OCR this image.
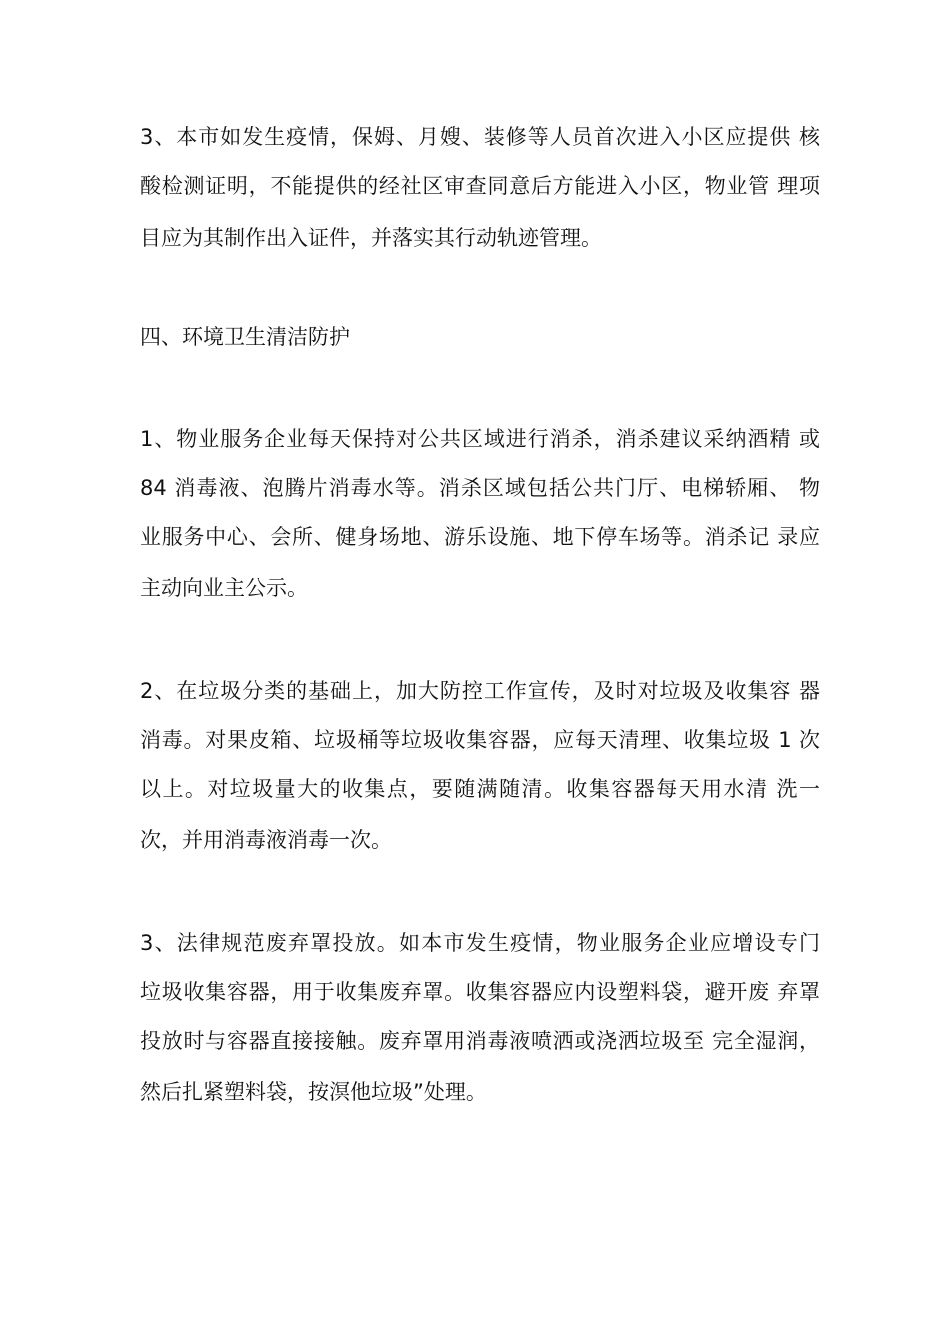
3、本市如发生疫情，保姆、月嫂、装修等人员首次进入小区应提供 核
酸检测证明，不能提供的经社区审查同意后方能进入小区，物业管 理项
目应为其制作出入证件，并落实其行动轨迹管理。
四、环境卫生清洁防护
1、物业服务企业每天保持对公共区域进行消杀，消杀建议采纳酒精 或
84 消毒液、泡腾片消毒水等。消杀区域包括公共门厅、电梯轿厢、 物
业服务中心、会所、健身场地、游乐设施、地下停车场等。消杀记 录应
主动向业主公示。
2、在垃圾分类的基础上，加大防控工作宣传，及时对垃圾及收集容 器
消毒。对果皮箱、垃圾桶等垃圾收集容器，应每天清理、收集垃圾 1 次
以上。对垃圾量大的收集点，要随满随清。收集容器每天用水清 洗一
次，并用消毒液消毒一次。
3、法律规范废弃罩投放。如本市发生疫情，物业服务企业应增设专门
垃圾收集容器，用于收集废弃罩。收集容器应内设塑料袋，避开废 弃罩
投放时与容器直接接触。废弃罩用消毒液喷洒或浇洒垃圾至 完全湿润，
然后扎紧塑料袋，按溟他垃圾”处理。
